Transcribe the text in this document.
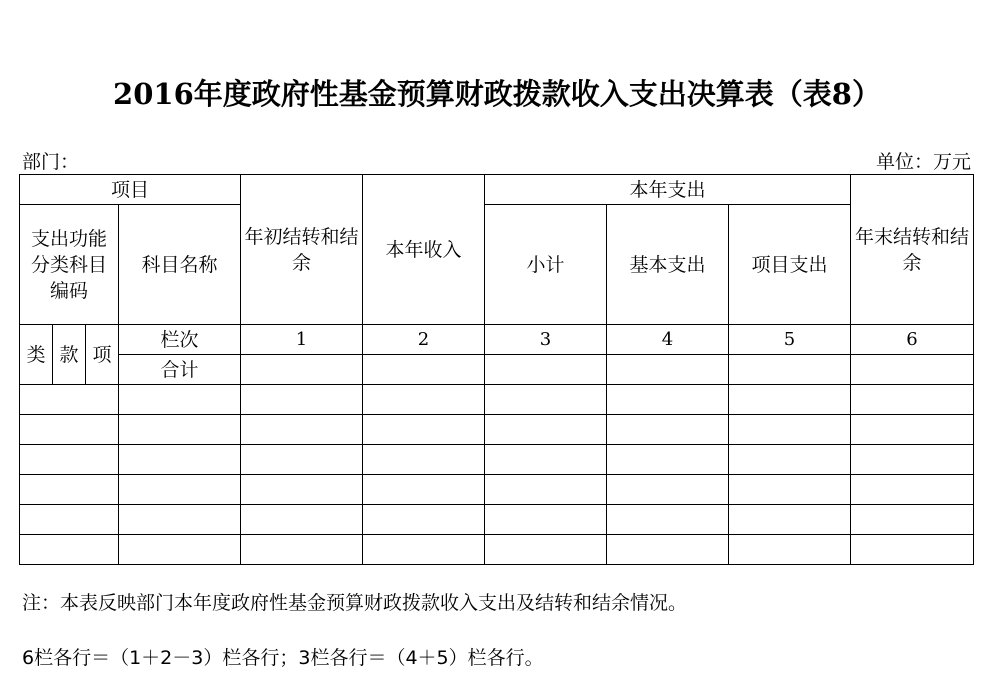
2016年度政府性基金预算财政拨款收入支出决算表（表8）
部门：	单位：万元
项目				年初结转和结余	本年收入	本年支出			年末结转和结余
支出功能分类科目编码			科目名称			小计	基本支出	项目支出	
类	款	项	栏次	1	2	3	4	5	6
			合计						

注：本表反映部门本年度政府性基金预算财政拨款收入支出及结转和结余情况。
6栏各行＝（1＋2－3）栏各行；3栏各行＝（4＋5）栏各行。
